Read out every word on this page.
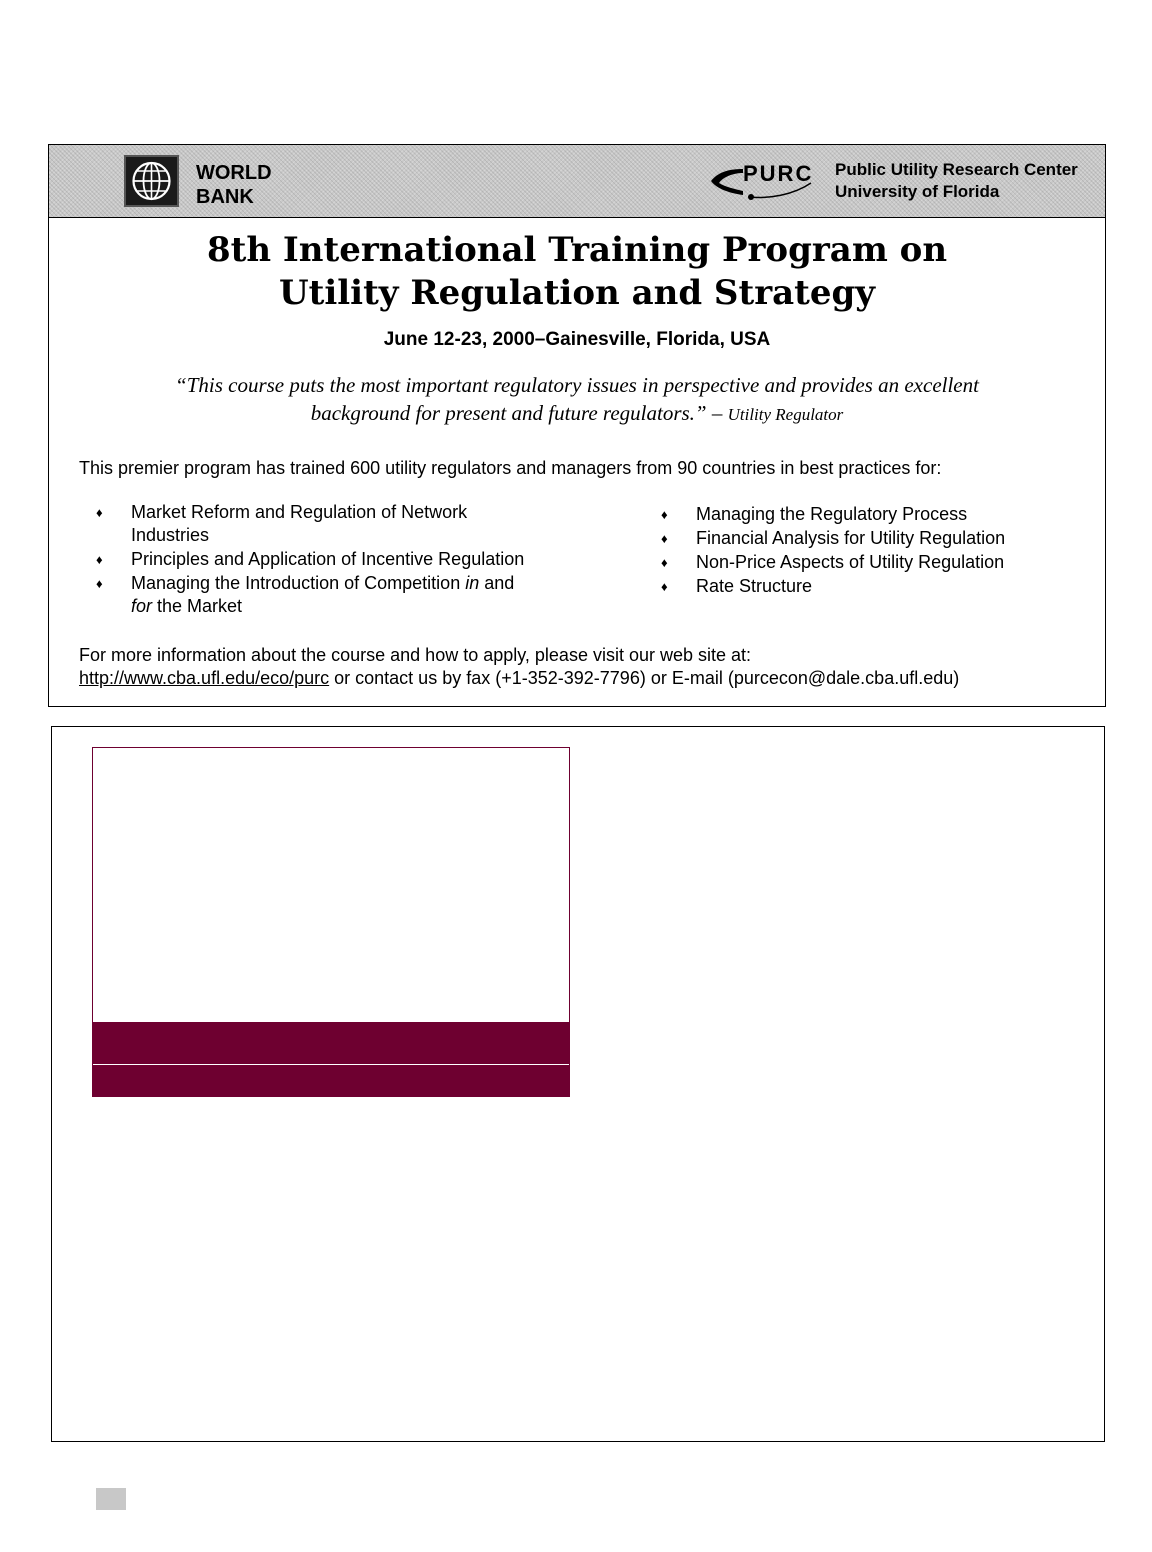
WORLD
BANK
PURC Public Utility Research Center
University of Florida
8th International Training Program on
Utility Regulation and Strategy
June 12-23, 2000–Gainesville, Florida, USA
“This course puts the most important regulatory issues in perspective and provides an excellent
background for present and future regulators.” – Utility Regulator
This premier program has trained 600 utility regulators and managers from 90 countries in best practices for:
♦ Market Reform and Regulation of Network
Industries
♦ Principles and Application of Incentive Regulation
♦ Managing the Introduction of Competition in and
for the Market
♦ Managing the Regulatory Process
♦ Financial Analysis for Utility Regulation
♦ Non-Price Aspects of Utility Regulation
♦ Rate Structure
For more information about the course and how to apply, please visit our web site at:
http://www.cba.ufl.edu/eco/purc or contact us by fax (+1-352-392-7796) or E-mail (purcecon@dale.cba.ufl.edu)
